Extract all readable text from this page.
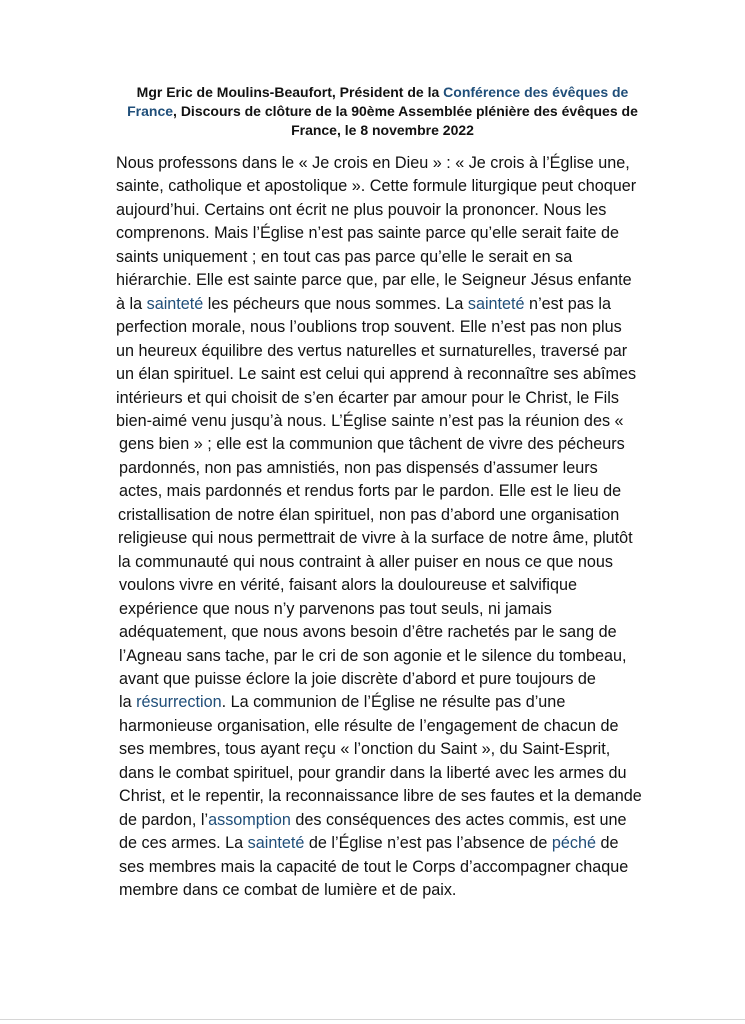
Mgr Eric de Moulins-Beaufort, Président de la Conférence des évêques de
France, Discours de clôture de la 90ème Assemblée plénière des évêques de
France, le 8 novembre 2022
Nous professons dans le « Je crois en Dieu » : « Je crois à l’Église une,
sainte, catholique et apostolique ». Cette formule liturgique peut choquer
aujourd’hui. Certains ont écrit ne plus pouvoir la prononcer. Nous les
comprenons. Mais l’Église n’est pas sainte parce qu’elle serait faite de
saints uniquement ; en tout cas pas parce qu’elle le serait en sa
hiérarchie. Elle est sainte parce que, par elle, le Seigneur Jésus enfante
à la sainteté les pécheurs que nous sommes. La sainteté n’est pas la
perfection morale, nous l’oublions trop souvent. Elle n’est pas non plus
un heureux équilibre des vertus naturelles et surnaturelles, traversé par
un élan spirituel. Le saint est celui qui apprend à reconnaître ses abîmes
intérieurs et qui choisit de s’en écarter par amour pour le Christ, le Fils
bien-aimé venu jusqu’à nous. L’Église sainte n’est pas la réunion des «
gens bien » ; elle est la communion que tâchent de vivre des pécheurs
pardonnés, non pas amnistiés, non pas dispensés d’assumer leurs
actes, mais pardonnés et rendus forts par le pardon. Elle est le lieu de
cristallisation de notre élan spirituel, non pas d’abord une organisation
religieuse qui nous permettrait de vivre à la surface de notre âme, plutôt
la communauté qui nous contraint à aller puiser en nous ce que nous
voulons vivre en vérité, faisant alors la douloureuse et salvifique
expérience que nous n’y parvenons pas tout seuls, ni jamais
adéquatement, que nous avons besoin d’être rachetés par le sang de
l’Agneau sans tache, par le cri de son agonie et le silence du tombeau,
avant que puisse éclore la joie discrète d’abord et pure toujours de
la résurrection. La communion de l’Église ne résulte pas d’une
harmonieuse organisation, elle résulte de l’engagement de chacun de
ses membres, tous ayant reçu « l’onction du Saint », du Saint-Esprit,
dans le combat spirituel, pour grandir dans la liberté avec les armes du
Christ, et le repentir, la reconnaissance libre de ses fautes et la demande
de pardon, l’assomption des conséquences des actes commis, est une
de ces armes. La sainteté de l’Église n’est pas l’absence de péché de
ses membres mais la capacité de tout le Corps d’accompagner chaque
membre dans ce combat de lumière et de paix.
